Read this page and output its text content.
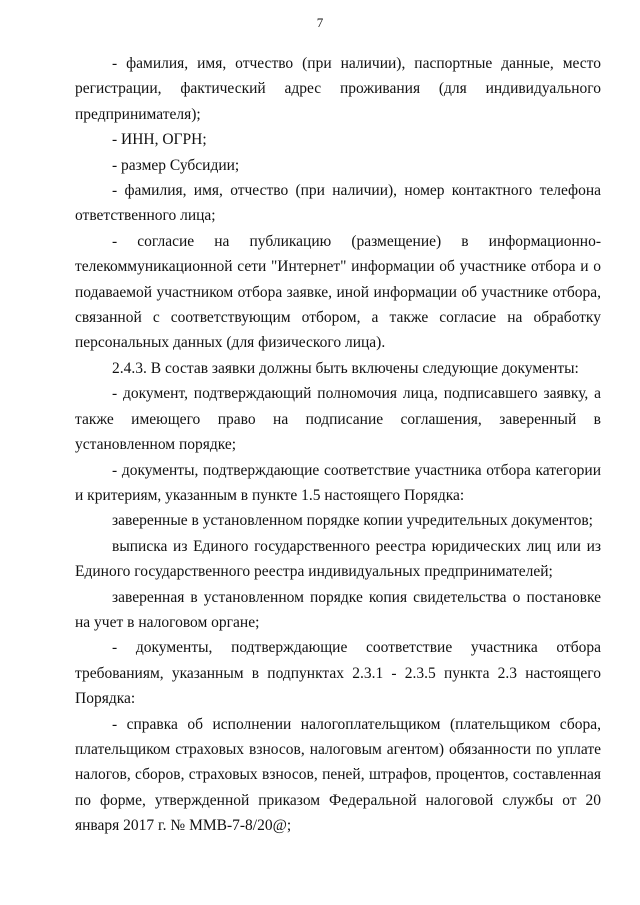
7

- фамилия, имя, отчество (при наличии), паспортные данные, место регистрации, фактический адрес проживания (для индивидуального предпринимателя);

- ИНН, ОГРН;

- размер Субсидии;

- фамилия, имя, отчество (при наличии), номер контактного телефона ответственного лица;

- согласие на публикацию (размещение) в информационно-телекоммуникационной сети "Интернет" информации об участнике отбора и о подаваемой участником отбора заявке, иной информации об участнике отбора, связанной с соответствующим отбором, а также согласие на обработку персональных данных (для физического лица).

2.4.3. В состав заявки должны быть включены следующие документы:

- документ, подтверждающий полномочия лица, подписавшего заявку, а также имеющего право на подписание соглашения, заверенный в установленном порядке;

- документы, подтверждающие соответствие участника отбора категории и критериям, указанным в пункте 1.5 настоящего Порядка:

заверенные в установленном порядке копии учредительных документов;

выписка из Единого государственного реестра юридических лиц или из Единого государственного реестра индивидуальных предпринимателей;

заверенная в установленном порядке копия свидетельства о постановке на учет в налоговом органе;

- документы, подтверждающие соответствие участника отбора требованиям, указанным в подпунктах 2.3.1 - 2.3.5 пункта 2.3 настоящего Порядка:

- справка об исполнении налогоплательщиком (плательщиком сбора, плательщиком страховых взносов, налоговым агентом) обязанности по уплате налогов, сборов, страховых взносов, пеней, штрафов, процентов, составленная по форме, утвержденной приказом Федеральной налоговой службы от 20 января 2017 г. № ММВ-7-8/20@;
